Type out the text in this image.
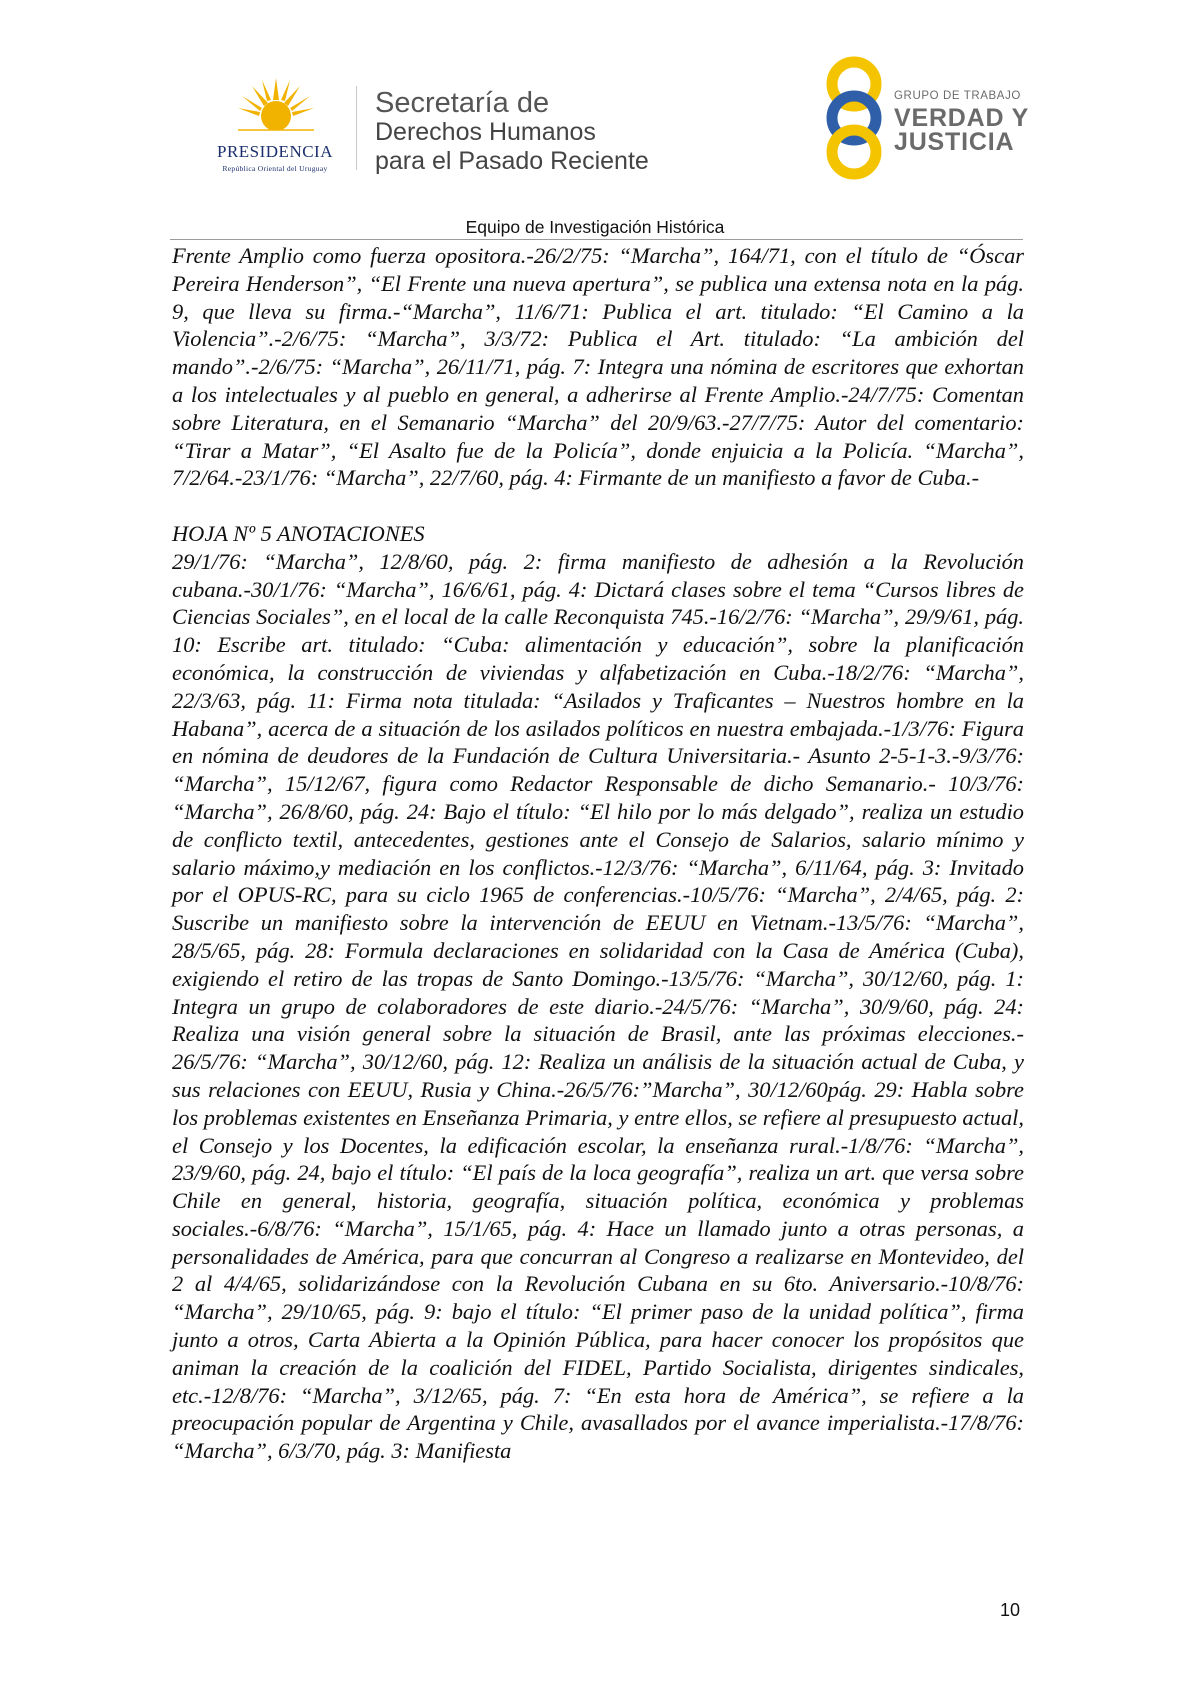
PRESIDENCIA
República Oriental del Uruguay
Secretaría de
Derechos Humanos
para el Pasado Reciente
GRUPO DE TRABAJO
VERDAD Y
JUSTICIA
Equipo de Investigación Histórica

Frente Amplio como fuerza opositora.-26/2/75: “Marcha”, 164/71, con el título de “Óscar Pereira Henderson”, “El Frente una nueva apertura”, se publica una extensa nota en la pág. 9, que lleva su firma.-“Marcha”, 11/6/71: Publica el art. titulado: “El Camino a la Violencia”.-2/6/75: “Marcha”, 3/3/72: Publica el Art. titulado: “La ambición del mando”.-2/6/75: “Marcha”, 26/11/71, pág. 7: Integra una nómina de escritores que exhortan a los intelectuales y al pueblo en general, a adherirse al Frente Amplio.-24/7/75: Comentan sobre Literatura, en el Semanario “Marcha” del 20/9/63.-27/7/75: Autor del comentario: “Tirar a Matar”, “El Asalto fue de la Policía”, donde enjuicia a la Policía. “Marcha”, 7/2/64.-23/1/76: “Marcha”, 22/7/60, pág. 4: Firmante de un manifiesto a favor de Cuba.-

HOJA Nº 5 ANOTACIONES

29/1/76: “Marcha”, 12/8/60, pág. 2: firma manifiesto de adhesión a la Revolución cubana.-30/1/76: “Marcha”, 16/6/61, pág. 4: Dictará clases sobre el tema “Cursos libres de Ciencias Sociales”, en el local de la calle Reconquista 745.-16/2/76: “Marcha”, 29/9/61, pág. 10: Escribe art. titulado: “Cuba: alimentación y educación”, sobre la planificación económica, la construcción de viviendas y alfabetización en Cuba.-18/2/76: “Marcha”, 22/3/63, pág. 11: Firma nota titulada: “Asilados y Traficantes – Nuestros hombre en la Habana”, acerca de a situación de los asilados políticos en nuestra embajada.-1/3/76: Figura en nómina de deudores de la Fundación de Cultura Universitaria.- Asunto 2-5-1-3.-9/3/76: “Marcha”, 15/12/67, figura como Redactor Responsable de dicho Semanario.- 10/3/76: “Marcha”, 26/8/60, pág. 24: Bajo el título: “El hilo por lo más delgado”, realiza un estudio de conflicto textil, antecedentes, gestiones ante el Consejo de Salarios, salario mínimo y salario máximo,y mediación en los conflictos.-12/3/76: “Marcha”, 6/11/64, pág. 3: Invitado por el OPUS-RC, para su ciclo 1965 de conferencias.-10/5/76: “Marcha”, 2/4/65, pág. 2: Suscribe un manifiesto sobre la intervención de EEUU en Vietnam.-13/5/76: “Marcha”, 28/5/65, pág. 28: Formula declaraciones en solidaridad con la Casa de América (Cuba), exigiendo el retiro de las tropas de Santo Domingo.-13/5/76: “Marcha”, 30/12/60, pág. 1: Integra un grupo de colaboradores de este diario.-24/5/76: “Marcha”, 30/9/60, pág. 24: Realiza una visión general sobre la situación de Brasil, ante las próximas elecciones.- 26/5/76: “Marcha”, 30/12/60, pág. 12: Realiza un análisis de la situación actual de Cuba, y sus relaciones con EEUU, Rusia y China.-26/5/76:”Marcha”, 30/12/60pág. 29: Habla sobre los problemas existentes en Enseñanza Primaria, y entre ellos, se refiere al presupuesto actual, el Consejo y los Docentes, la edificación escolar, la enseñanza rural.-1/8/76: “Marcha”, 23/9/60, pág. 24, bajo el título: “El país de la loca geografía”, realiza un art. que versa sobre Chile en general, historia, geografía, situación política, económica y problemas sociales.-6/8/76: “Marcha”, 15/1/65, pág. 4: Hace un llamado junto a otras personas, a personalidades de América, para que concurran al Congreso a realizarse en Montevideo, del 2 al 4/4/65, solidarizándose con la Revolución Cubana en su 6to. Aniversario.-10/8/76: “Marcha”, 29/10/65, pág. 9: bajo el título: “El primer paso de la unidad política”, firma junto a otros, Carta Abierta a la Opinión Pública, para hacer conocer los propósitos que animan la creación de la coalición del FIDEL, Partido Socialista, dirigentes sindicales, etc.-12/8/76: “Marcha”, 3/12/65, pág. 7: “En esta hora de América”, se refiere a la preocupación popular de Argentina y Chile, avasallados por el avance imperialista.-17/8/76: “Marcha”, 6/3/70, pág. 3: Manifiesta

10
